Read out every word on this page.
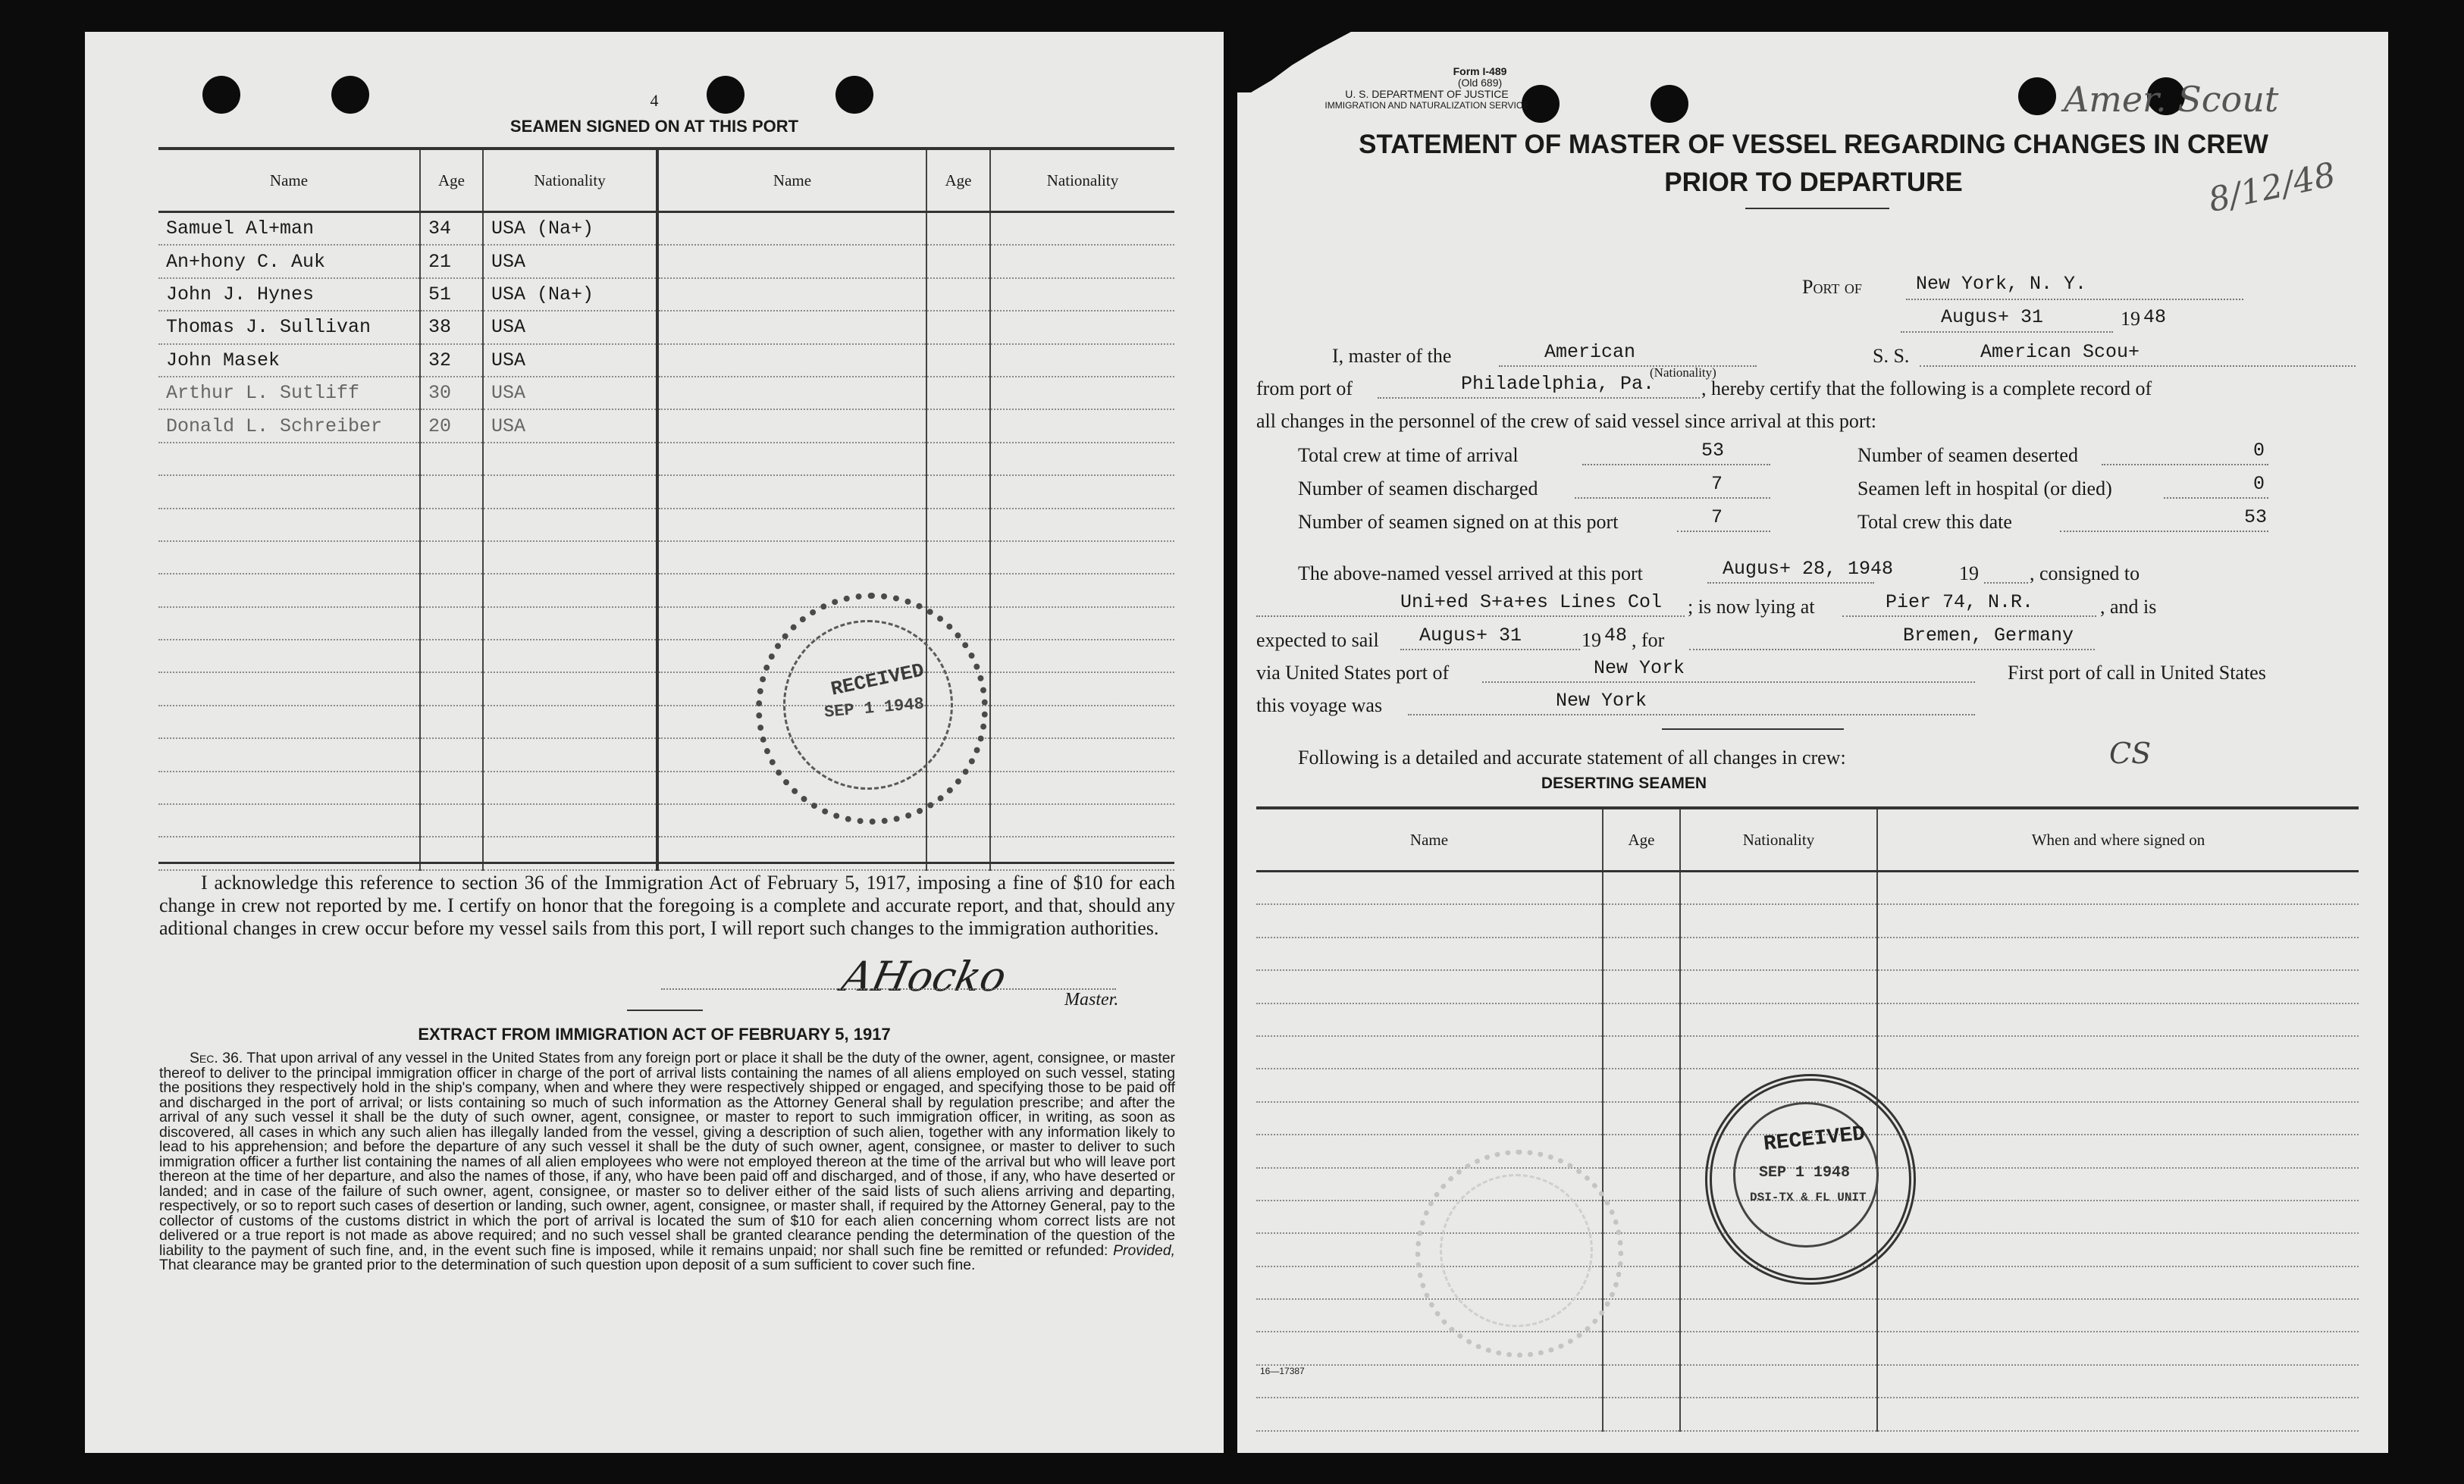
4
SEAMEN SIGNED ON AT THIS PORT
Name	Age	Nationality	Name	Age	Nationality
Samuel Al+man	34	USA (Na+)			
An+hony C. Auk	21	USA			
John J. Hynes	51	USA (Na+)			
Thomas J. Sullivan	38	USA			
John Masek	32	USA			
Arthur L. Sutliff	30	USA			
Donald L. Schreiber	20	USA			

RECEIVED
SEP 1 1948
I acknowledge this reference to section 36 of the Immigration Act of February 5, 1917, imposing a fine of $10 for each change in crew not reported by me. I certify on honor that the foregoing is a complete and accurate report, and that, should any aditional changes in crew occur before my vessel sails from this port, I will report such changes to the immigration authorities.
AHocko	Master.
EXTRACT FROM IMMIGRATION ACT OF FEBRUARY 5, 1917
Sec. 36. That upon arrival of any vessel in the United States from any foreign port or place it shall be the duty of the owner, agent, consignee, or master thereof to deliver to the principal immigration officer in charge of the port of arrival lists containing the names of all aliens employed on such vessel, stating the positions they respectively hold in the ship's company, when and where they were respectively shipped or engaged, and specifying those to be paid off and discharged in the port of arrival; or lists containing so much of such information as the Attorney General shall by regulation prescribe; and after the arrival of any such vessel it shall be the duty of such owner, agent, consignee, or master to report to such immigration officer, in writing, as soon as discovered, all cases in which any such alien has illegally landed from the vessel, giving a description of such alien, together with any information likely to lead to his apprehension; and before the departure of any such vessel it shall be the duty of such owner, agent, consignee, or master to deliver to such immigration officer a further list containing the names of all alien employees who were not employed thereon at the time of the arrival but who will leave port thereon at the time of her departure, and also the names of those, if any, who have been paid off and discharged, and of those, if any, who have deserted or landed; and in case of the failure of such owner, agent, consignee, or master so to deliver either of the said lists of such aliens arriving and departing, respectively, or so to report such cases of desertion or landing, such owner, agent, consignee, or master shall, if required by the Attorney General, pay to the collector of customs of the customs district in which the port of arrival is located the sum of $10 for each alien concerning whom correct lists are not delivered or a true report is not made as above required; and no such vessel shall be granted clearance pending the determination of the question of the liability to the payment of such fine, and, in the event such fine is imposed, while it remains unpaid; nor shall such fine be remitted or refunded: Provided, That clearance may be granted prior to the determination of such question upon deposit of a sum sufficient to cover such fine.
Form I-489
(Old 689)
U. S. DEPARTMENT OF JUSTICE
IMMIGRATION AND NATURALIZATION SERVICE	Amer. Scout
8/12/48
STATEMENT OF MASTER OF VESSEL REGARDING CHANGES IN CREW
PRIOR TO DEPARTURE
Port of	New York, N. Y.
Augus+ 31	19 48
I, master of the	American
(Nationality)
S. S.	American Scou+
from port of	Philadelphia, Pa. , hereby certify that the following is a complete record of
all changes in the personnel of the crew of said vessel since arrival at this port:
Total crew at time of arrival	53
Number of seamen discharged	7
Number of seamen signed on at this port	7
Number of seamen deserted	0
Seamen left in hospital (or died)	0
Total crew this date	53
The above-named vessel arrived at this port	Augus+ 28, 1948	19	, consigned to
Uni+ed S+a+es Lines Col ; is now lying at	Pier 74, N.R.	, and is
expected to sail Augus+ 31	19 48 , for	Bremen, Germany
via United States port of	New York	First port of call in United States
this voyage was	New York
Following is a detailed and accurate statement of all changes in crew:	CS
DESERTING SEAMEN
Name	Age	Nationality	When and where signed on

RECEIVED
SEP 1 1948
DSI-TX & FL UNIT
16—17387
